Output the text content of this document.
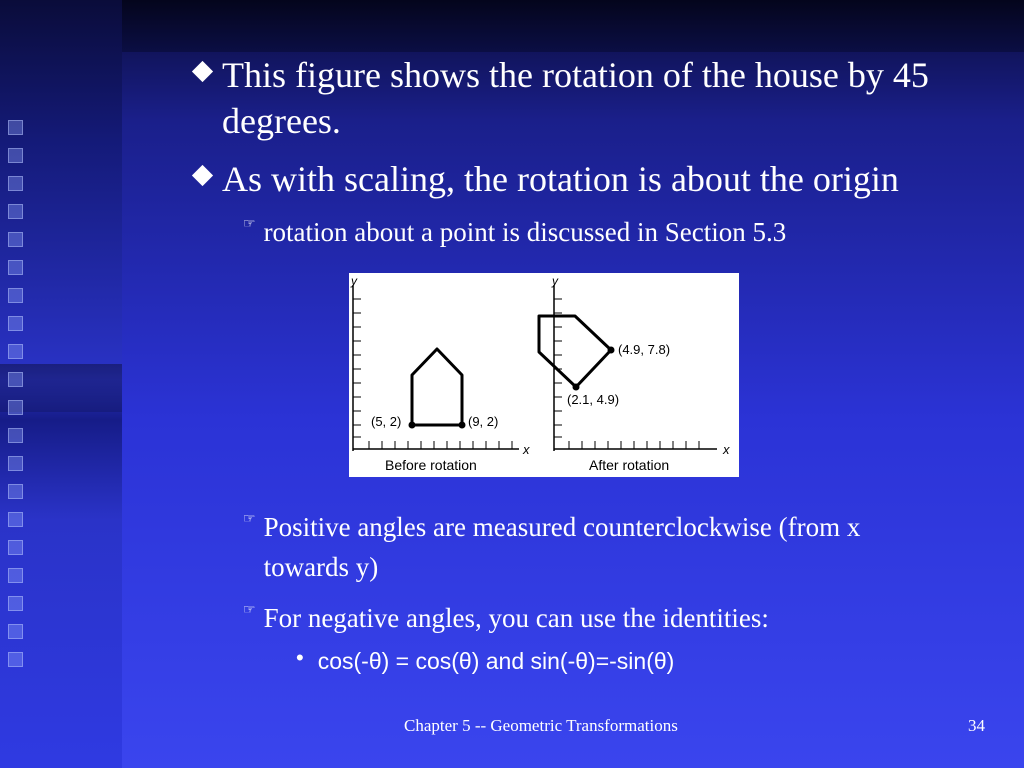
This figure shows the rotation of the house by 45 degrees.
As with scaling, the rotation is about the origin
☞ rotation about a point is discussed in Section 5.3
y
x
(5, 2)	(9, 2)
Before rotation
y
x
(4.9, 7.8)
(2.1, 4.9)
After rotation
☞ Positive angles are measured counterclockwise (from x towards y)
☞ For negative angles, you can use the identities:
• cos(-θ) = cos(θ) and sin(-θ)=-sin(θ)
Chapter 5 -- Geometric Transformations	34
